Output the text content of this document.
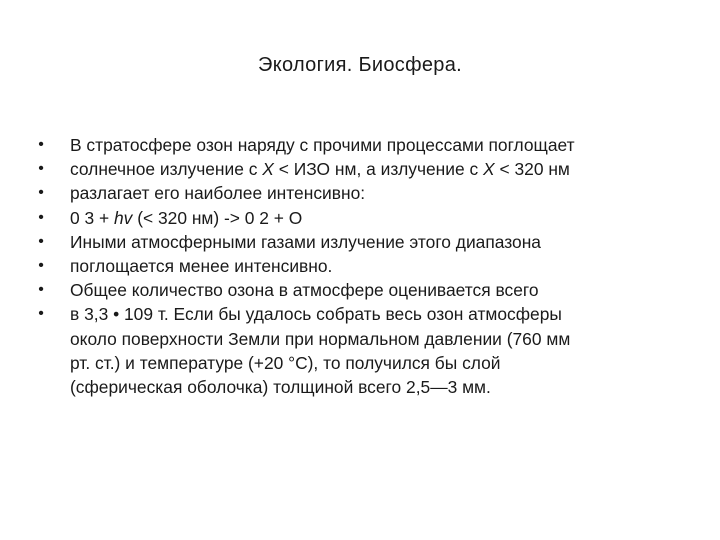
Экология. Биосфера.
• В стратосфере озон наряду с прочими процессами поглощает
• солнечное излучение с X < ИЗО нм, а излучение с X < 320 нм
• разлагает его наиболее интенсивно:
• 0 3 + hv (< 320 нм) -> 0 2 + О
• Иными атмосферными газами излучение этого диапазона
• поглощается менее интенсивно.
• Общее количество озона в атмосфере оценивается всего
• в 3,3 • 109 т. Если бы удалось собрать весь озон атмосферы
около поверхности Земли при нормальном давлении (760 мм
рт. ст.) и температуре (+20 °С), то получился бы слой
(сферическая оболочка) толщиной всего 2,5—3 мм.
